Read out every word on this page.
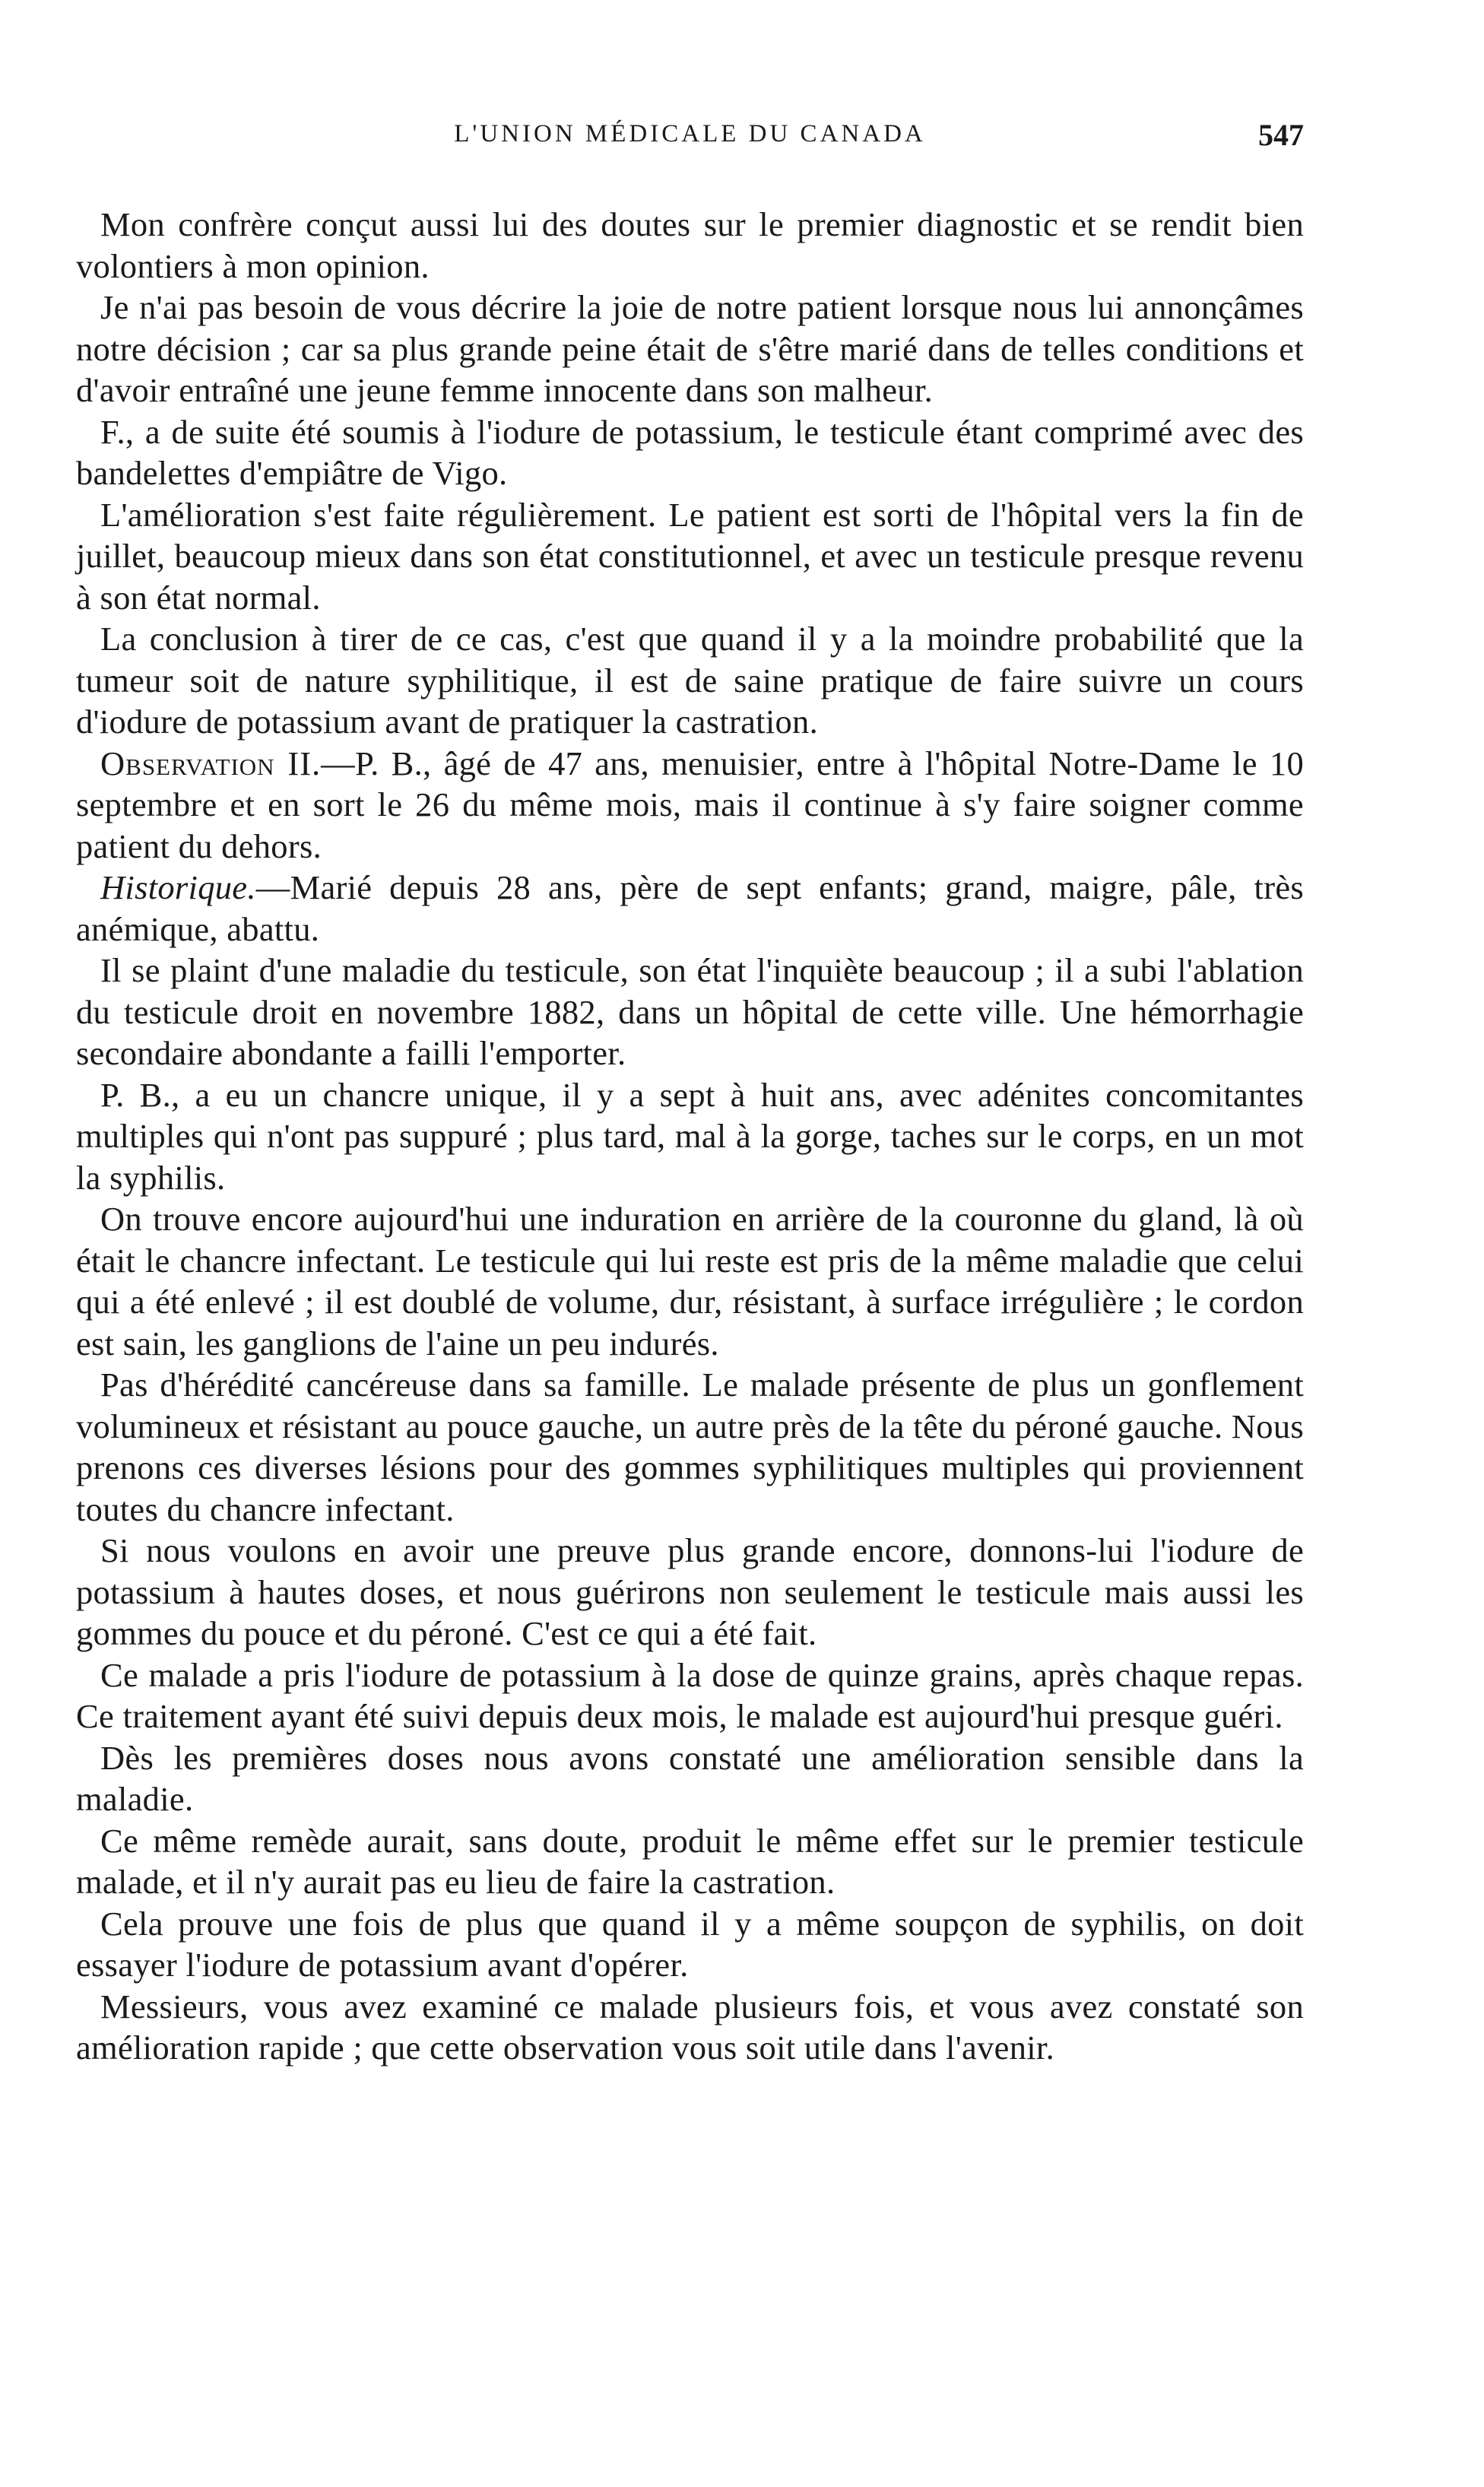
L'UNION MÉDICALE DU CANADA	547

Mon confrère conçut aussi lui des doutes sur le premier diagnostic et se rendit bien volontiers à mon opinion.

Je n'ai pas besoin de vous décrire la joie de notre patient lorsque nous lui annonçâmes notre décision ; car sa plus grande peine était de s'être marié dans de telles conditions et d'avoir entraîné une jeune femme innocente dans son malheur.

F., a de suite été soumis à l'iodure de potassium, le testicule étant comprimé avec des bandelettes d'empiâtre de Vigo.

L'amélioration s'est faite régulièrement. Le patient est sorti de l'hôpital vers la fin de juillet, beaucoup mieux dans son état constitutionnel, et avec un testicule presque revenu à son état normal.

La conclusion à tirer de ce cas, c'est que quand il y a la moindre probabilité que la tumeur soit de nature syphilitique, il est de saine pratique de faire suivre un cours d'iodure de potassium avant de pratiquer la castration.

Observation II.—P. B., âgé de 47 ans, menuisier, entre à l'hôpital Notre-Dame le 10 septembre et en sort le 26 du même mois, mais il continue à s'y faire soigner comme patient du dehors.

Historique.—Marié depuis 28 ans, père de sept enfants; grand, maigre, pâle, très anémique, abattu.

Il se plaint d'une maladie du testicule, son état l'inquiète beaucoup ; il a subi l'ablation du testicule droit en novembre 1882, dans un hôpital de cette ville. Une hémorrhagie secondaire abondante a failli l'emporter.

P. B., a eu un chancre unique, il y a sept à huit ans, avec adénites concomitantes multiples qui n'ont pas suppuré ; plus tard, mal à la gorge, taches sur le corps, en un mot la syphilis.

On trouve encore aujourd'hui une induration en arrière de la couronne du gland, là où était le chancre infectant. Le testicule qui lui reste est pris de la même maladie que celui qui a été enlevé ; il est doublé de volume, dur, résistant, à surface irrégulière ; le cordon est sain, les ganglions de l'aine un peu indurés.

Pas d'hérédité cancéreuse dans sa famille. Le malade présente de plus un gonflement volumineux et résistant au pouce gauche, un autre près de la tête du péroné gauche. Nous prenons ces diverses lésions pour des gommes syphilitiques multiples qui proviennent toutes du chancre infectant.

Si nous voulons en avoir une preuve plus grande encore, donnons-lui l'iodure de potassium à hautes doses, et nous guérirons non seulement le testicule mais aussi les gommes du pouce et du péroné. C'est ce qui a été fait.

Ce malade a pris l'iodure de potassium à la dose de quinze grains, après chaque repas. Ce traitement ayant été suivi depuis deux mois, le malade est aujourd'hui presque guéri.

Dès les premières doses nous avons constaté une amélioration sensible dans la maladie.

Ce même remède aurait, sans doute, produit le même effet sur le premier testicule malade, et il n'y aurait pas eu lieu de faire la castration.

Cela prouve une fois de plus que quand il y a même soupçon de syphilis, on doit essayer l'iodure de potassium avant d'opérer.

Messieurs, vous avez examiné ce malade plusieurs fois, et vous avez constaté son amélioration rapide ; que cette observation vous soit utile dans l'avenir.
